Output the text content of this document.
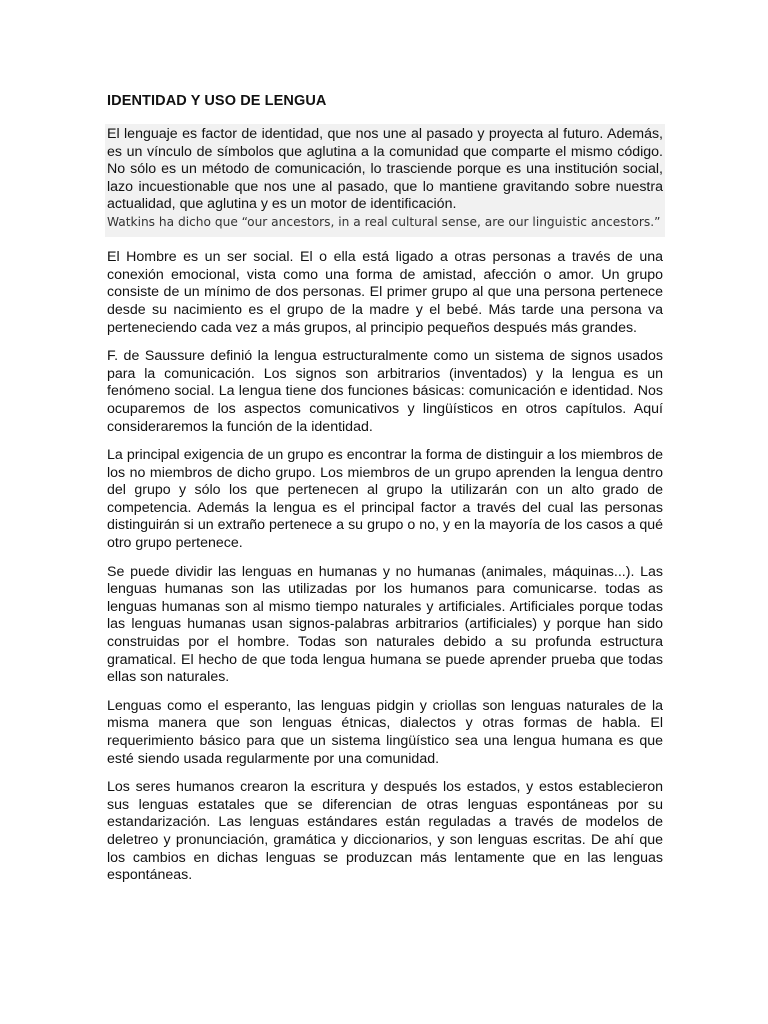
IDENTIDAD Y USO DE LENGUA

El lenguaje es factor de identidad, que nos une al pasado y proyecta al futuro. Además, es un vínculo de símbolos que aglutina a la comunidad que comparte el mismo código. No sólo es un método de comunicación, lo trasciende porque es una institución social, lazo incuestionable que nos une al pasado, que lo mantiene gravitando sobre nuestra actualidad, que aglutina y es un motor de identificación.

Watkins ha dicho que “our ancestors, in a real cultural sense, are our linguistic ancestors.”

El Hombre es un ser social. El o ella está ligado a otras personas a través de una conexión emocional, vista como una forma de amistad, afección o amor. Un grupo consiste de un mínimo de dos personas. El primer grupo al que una persona pertenece desde su nacimiento es el grupo de la madre y el bebé. Más tarde una persona va perteneciendo cada vez a más grupos, al principio pequeños después más grandes.

F. de Saussure definió la lengua estructuralmente como un sistema de signos usados para la comunicación. Los signos son arbitrarios (inventados) y la lengua es un fenómeno social. La lengua tiene dos funciones básicas: comunicación e identidad. Nos ocuparemos de los aspectos comunicativos y lingüísticos en otros capítulos. Aquí consideraremos la función de la identidad.

La principal exigencia de un grupo es encontrar la forma de distinguir a los miembros de los no miembros de dicho grupo. Los miembros de un grupo aprenden la lengua dentro del grupo y sólo los que pertenecen al grupo la utilizarán con un alto grado de competencia. Además la lengua es el principal factor a través del cual las personas distinguirán si un extraño pertenece a su grupo o no, y en la mayoría de los casos a qué otro grupo pertenece.

Se puede dividir las lenguas en humanas y no humanas (animales, máquinas...). Las lenguas humanas son las utilizadas por los humanos para comunicarse. todas as lenguas humanas son al mismo tiempo naturales y artificiales. Artificiales porque todas las lenguas humanas usan signos-palabras arbitrarios (artificiales) y porque han sido construidas por el hombre. Todas son naturales debido a su profunda estructura gramatical. El hecho de que toda lengua humana se puede aprender prueba que todas ellas son naturales.

Lenguas como el esperanto, las lenguas pidgin y criollas son lenguas naturales de la misma manera que son lenguas étnicas, dialectos y otras formas de habla. El requerimiento básico para que un sistema lingüístico sea una lengua humana es que esté siendo usada regularmente por una comunidad.

Los seres humanos crearon la escritura y después los estados, y estos establecieron sus lenguas estatales que se diferencian de otras lenguas espontáneas por su estandarización. Las lenguas estándares están reguladas a través de modelos de deletreo y pronunciación, gramática y diccionarios, y son lenguas escritas. De ahí que los cambios en dichas lenguas se produzcan más lentamente que en las lenguas espontáneas.
